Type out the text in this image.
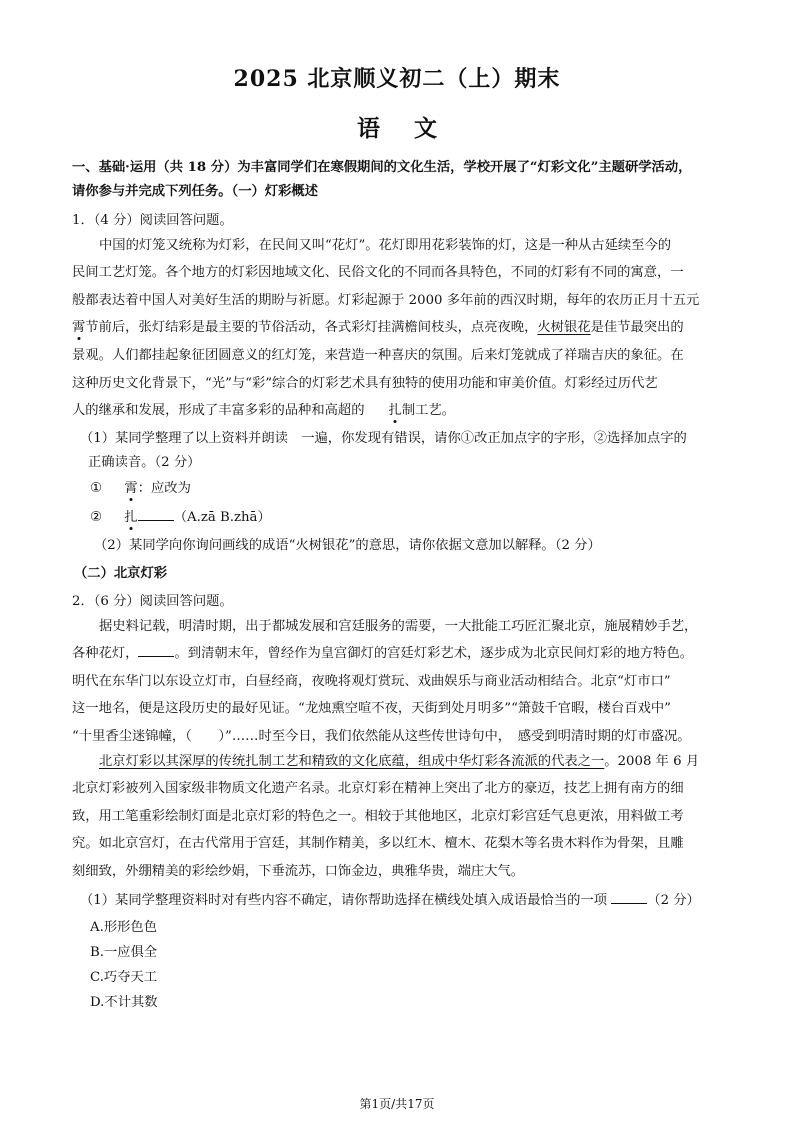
2025 北京顺义初二（上）期末
语文
一、基础·运用（共 18 分）为丰富同学们在寒假期间的文化生活，学校开展了“灯彩文化”主题研学活动，
请你参与并完成下列任务。（一）灯彩概述
1．（4 分）阅读回答问题。
中国的灯笼又统称为灯彩，在民间又叫“花灯”。花灯即用花彩装饰的灯，这是一种从古延续至今的
民间工艺灯笼。各个地方的灯彩因地域文化、民俗文化的不同而各具特色，不同的灯彩有不同的寓意，一
般都表达着中国人对美好生活的期盼与祈愿。灯彩起源于 2000 多年前的西汉时期，每年的农历正月十五元
霄节前后，张灯结彩是最主要的节俗活动，各式彩灯挂满檐间枝头，点亮夜晚，火树银花是佳节最突出的
景观。人们都挂起象征团圆意义的红灯笼，来营造一种喜庆的氛围。后来灯笼就成了祥瑞吉庆的象征。在
这种历史文化背景下，“光”与“彩”综合的灯彩艺术具有独特的使用功能和审美价值。灯彩经过历代艺
人的继承和发展，形成了丰富多彩的品种和高超的 扎制工艺。
（1）某同学整理了以上资料并朗读　一遍，你发现有错误，请你①改正加点字的字形，②选择加点字的
正确读音。（2 分）
① 霄：应改为
② 扎	（A.zā B.zhā）
（2）某同学向你询问画线的成语“火树银花”的意思，请你依据文意加以解释。（2 分）
（二）北京灯彩
2．（6 分）阅读回答问题。
据史料记载，明清时期，出于都城发展和宫廷服务的需要，一大批能工巧匠汇聚北京，施展精妙手艺，
各种花灯，	。到清朝末年，曾经作为皇宫御灯的宫廷灯彩艺术，逐步成为北京民间灯彩的地方特色。
明代在东华门以东设立灯市，白昼经商，夜晚将观灯赏玩、戏曲娱乐与商业活动相结合。北京“灯市口”
这一地名，便是这段历史的最好见证。“龙烛熏空喧不夜，天街到处月明多”“箫鼓千官暇，楼台百戏中”
“十里香尘迷锦幢，（　　）”……时至今日，我们依然能从这些传世诗句中，　感受到明清时期的灯市盛况。
北京灯彩以其深厚的传统扎制工艺和精致的文化底蕴，组成中华灯彩各流派的代表之一。2008 年 6 月
北京灯彩被列入国家级非物质文化遗产名录。北京灯彩在精神上突出了北方的豪迈，技艺上拥有南方的细
致，用工笔重彩绘制灯面是北京灯彩的特色之一。相较于其他地区，北京灯彩宫廷气息更浓，用料做工考
究。如北京宫灯，在古代常用于宫廷，其制作精美，多以红木、檀木、花梨木等名贵木料作为骨架，且雕
刻细致，外绷精美的彩绘纱娟，下垂流苏，口饰金边，典雅华贵，端庄大气。
（1）某同学整理资料时对有些内容不确定，请你帮助选择在横线处填入成语最恰当的一项	（2 分）
A.形形色色
B.一应俱全
C.巧夺天工
D.不计其数
第1页/共17页
